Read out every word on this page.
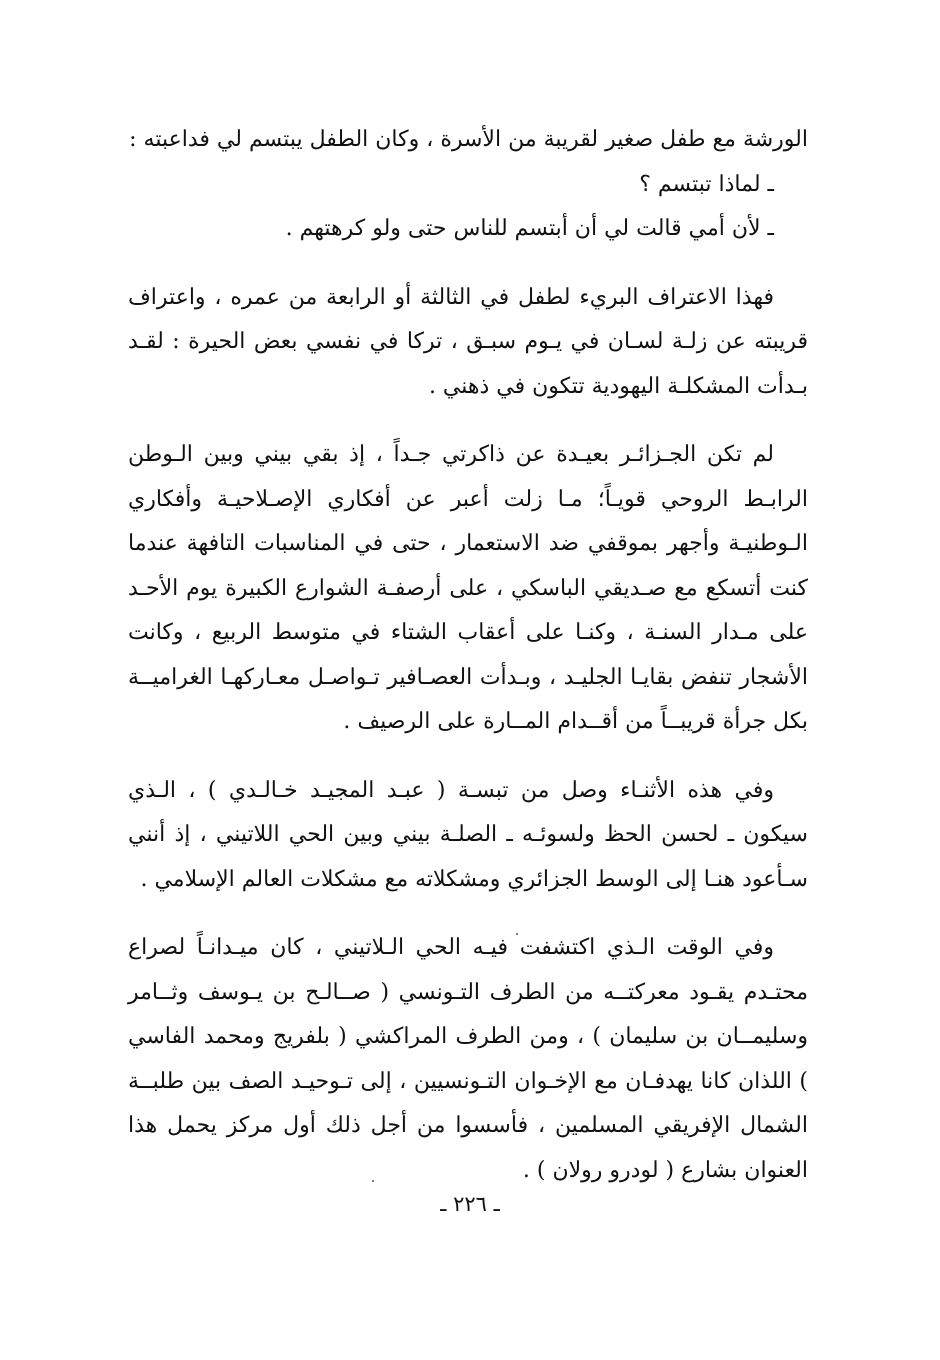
الورشة مع طفل صغير لقريبة من الأسرة ، وكان الطفل يبتسم لي فداعبته :

ـ لماذا تبتسم ؟

ـ لأن أمي قالت لي أن أبتسم للناس حتى ولو كرهتهم .

فهذا الاعتراف البريء لطفل في الثالثة أو الرابعة من عمره ، واعتراف قريبته عن زلـة لسـان في يـوم سبـق ، تركا في نفسي بعض الحيرة : لقـد بـدأت المشكلـة اليهودية تتكون في ذهني .

لم تكن الجـزائـر بعيـدة عن ذاكرتي جـداً ، إذ بقي بيني وبين الـوطن الرابـط الروحي قويـاً؛ مـا زلت أعبر عن أفكاري الإصـلاحيـة وأفكاري الـوطنيـة وأجهر بموقفي ضد الاستعمار ، حتى في المناسبات التافهة عندما كنت أتسكع مع صـديقي الباسكي ، على أرصفـة الشوارع الكبيرة يوم الأحـد على مـدار السنـة ، وكنـا على أعقاب الشتاء في متوسط الربيع ، وكانت الأشجار تنفض بقايـا الجليـد ، وبـدأت العصـافير تـواصـل معـاركهـا الغراميــة بكل جرأة قريبــاً من أقــدام المــارة على الرصيف .

وفي هذه الأثنـاء وصل من تبسـة ( عبـد المجيـد خـالـدي ) ، الـذي سيكون ـ لحسن الحظ ولسوئـه ـ الصلـة بيني وبين الحي اللاتيني ، إذ أنني سـأعود هنـا إلى الوسط الجزائري ومشكلاته مع مشكلات العالم الإسلامي .

وفي الوقت الـذي اكتشفت فيـه الحي الـلاتيني ، كان ميـدانـاً لصراع محتـدم يقـود معركتــه من الطرف التـونسي ( صــالـح بن يـوسف وثــامر وسليمــان بن سليمان ) ، ومن الطرف المراكشي ( بلفريج ومحمد الفاسي ) اللذان كانا يهدفـان مع الإخـوان التـونسيين ، إلى تـوحيـد الصف بين طلبــة الشمال الإفريقي المسلمين ، فأسسوا من أجل ذلك أول مركز يحمل هذا العنوان بشارع ( لودرو رولان ) .

ـ ٢٢٦ ـ
